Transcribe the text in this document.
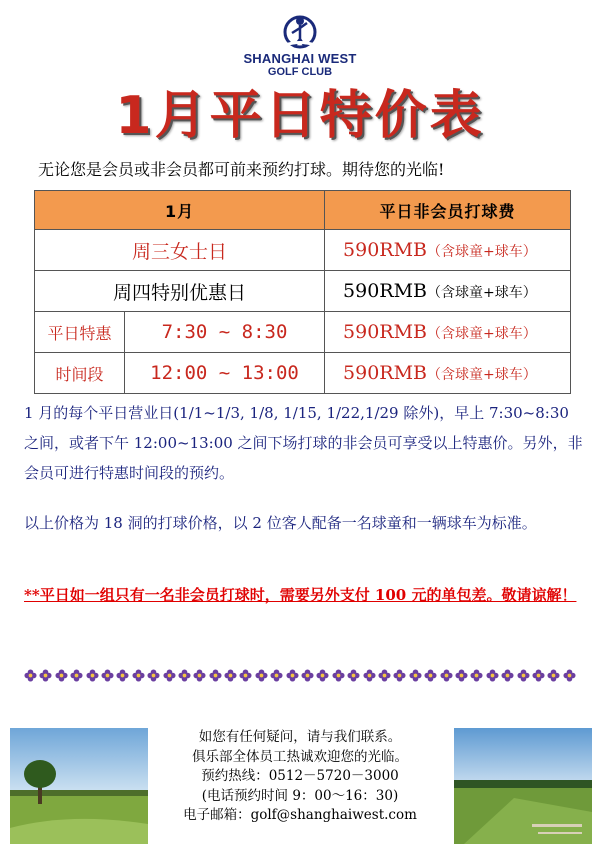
SHANGHAI WEST
GOLF CLUB
1月平日特价表
无论您是会员或非会员都可前来预约打球。期待您的光临!
1月		平日非会员打球费
周三女士日		590RMB（含球童+球车）
周四特别优惠日		590RMB（含球童+球车）
平日特惠	7:30 ~ 8:30	590RMB（含球童+球车）
时间段	12:00 ~ 13:00	590RMB（含球童+球车）
1 月的每个平日营业日(1/1~1/3, 1/8, 1/15, 1/22,1/29 除外)，早上 7:30~8:30 之间，或者下午 12:00~13:00 之间下场打球的非会员可享受以上特惠价。另外，非会员可进行特惠时间段的预约。
以上价格为 18 洞的打球价格，以 2 位客人配备一名球童和一辆球车为标准。
**平日如一组只有一名非会员打球时，需要另外支付 100 元的单包差。敬请谅解！
如您有任何疑问，请与我们联系。
俱乐部全体员工热诚欢迎您的光临。
预约热线：0512－5720－3000
(电话预约时间 9：00～16：30)
电子邮箱：golf@shanghaiwest.com
